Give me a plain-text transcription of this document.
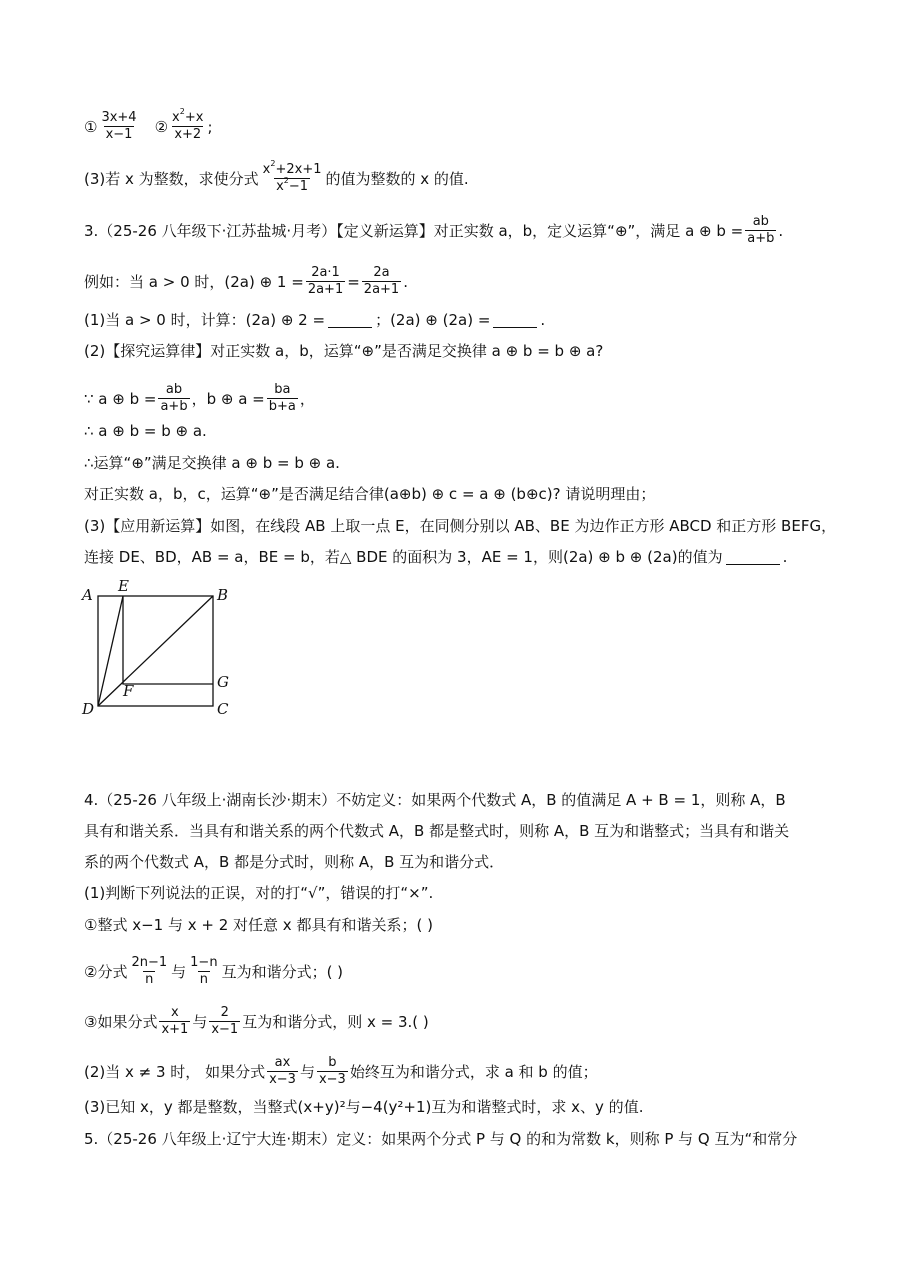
① $\frac{3x+4}{x-1}$ ② $\frac{x^2+x}{x+2}$ ;
(3)若 x 为整数，求使分式 $\frac{x^2+2x+1}{x^2-1}$ 的值为整数的 x 的值.
3.（25-26 八年级下·江苏盐城·月考）【定义新运算】对正实数 a，b，定义运算“⊕”，满足 a ⊕ $b = \frac{ab}{a+b}$ .
例如：当 a > 0 时，(2a) ⊕ $1 = \frac{2a\cdot 1}{2a+1} = \frac{2a}{2a+1}$ .
(1)当 a > 0 时，计算：(2a) ⊕ 2 =	；(2a) ⊕ (2a) =	.
(2)【探究运算律】对正实数 a，b，运算“⊕”是否满足交换律 a ⊕ b = b ⊕ a?
∵ a ⊕ $b = \frac{ab}{a+b}$ ，b ⊕ $a = \frac{ba}{b+a}$ ，
∴ a ⊕ b = b ⊕ a.
∴运算“⊕”满足交换律 a ⊕ b = b ⊕ a.
对正实数 a，b，c，运算“⊕”是否满足结合律(a⊕b) ⊕ c = a ⊕ (b⊕c)? 请说明理由；
(3)【应用新运算】如图，在线段 AB 上取一点 E，在同侧分别以 AB、BE 为边作正方形 ABCD 和正方形 BEFG，
连接 DE、BD，AB = a，BE = b，若△ BDE 的面积为 3，AE = 1，则(2a) ⊕ b ⊕ (2a)的值为	.
A E	B
G
F
D	C
4.（25-26 八年级上·湖南长沙·期末）不妨定义：如果两个代数式 A，B 的值满足 A + B = 1，则称 A，B
具有和谐关系．当具有和谐关系的两个代数式 A，B 都是整式时，则称 A，B 互为和谐整式；当具有和谐关
系的两个代数式 A，B 都是分式时，则称 A，B 互为和谐分式．
(1)判断下列说法的正误，对的打“√”，错误的打“×”.
①整式 x−1 与 x + 2 对任意 x 都具有和谐关系；( )
②分式 $\frac{2n-1}{n}$ 与 $\frac{1-n}{n}$ 互为和谐分式；( )
③如果分式 $\frac{x}{x+1}$ 与 $\frac{2}{x-1}$ 互为和谐分式，则 x = 3.( )
(2)当 x ≠ 3 时， 如果分式 $\frac{ax}{x-3}$ 与 $\frac{b}{x-3}$ 始终互为和谐分式，求 a 和 b 的值；
(3)已知 x，y 都是整数，当整式(x+y)²与−4(y²+1)互为和谐整式时，求 x、y 的值.
5.（25-26 八年级上·辽宁大连·期末）定义：如果两个分式 P 与 Q 的和为常数 k，则称 P 与 Q 互为“和常分
